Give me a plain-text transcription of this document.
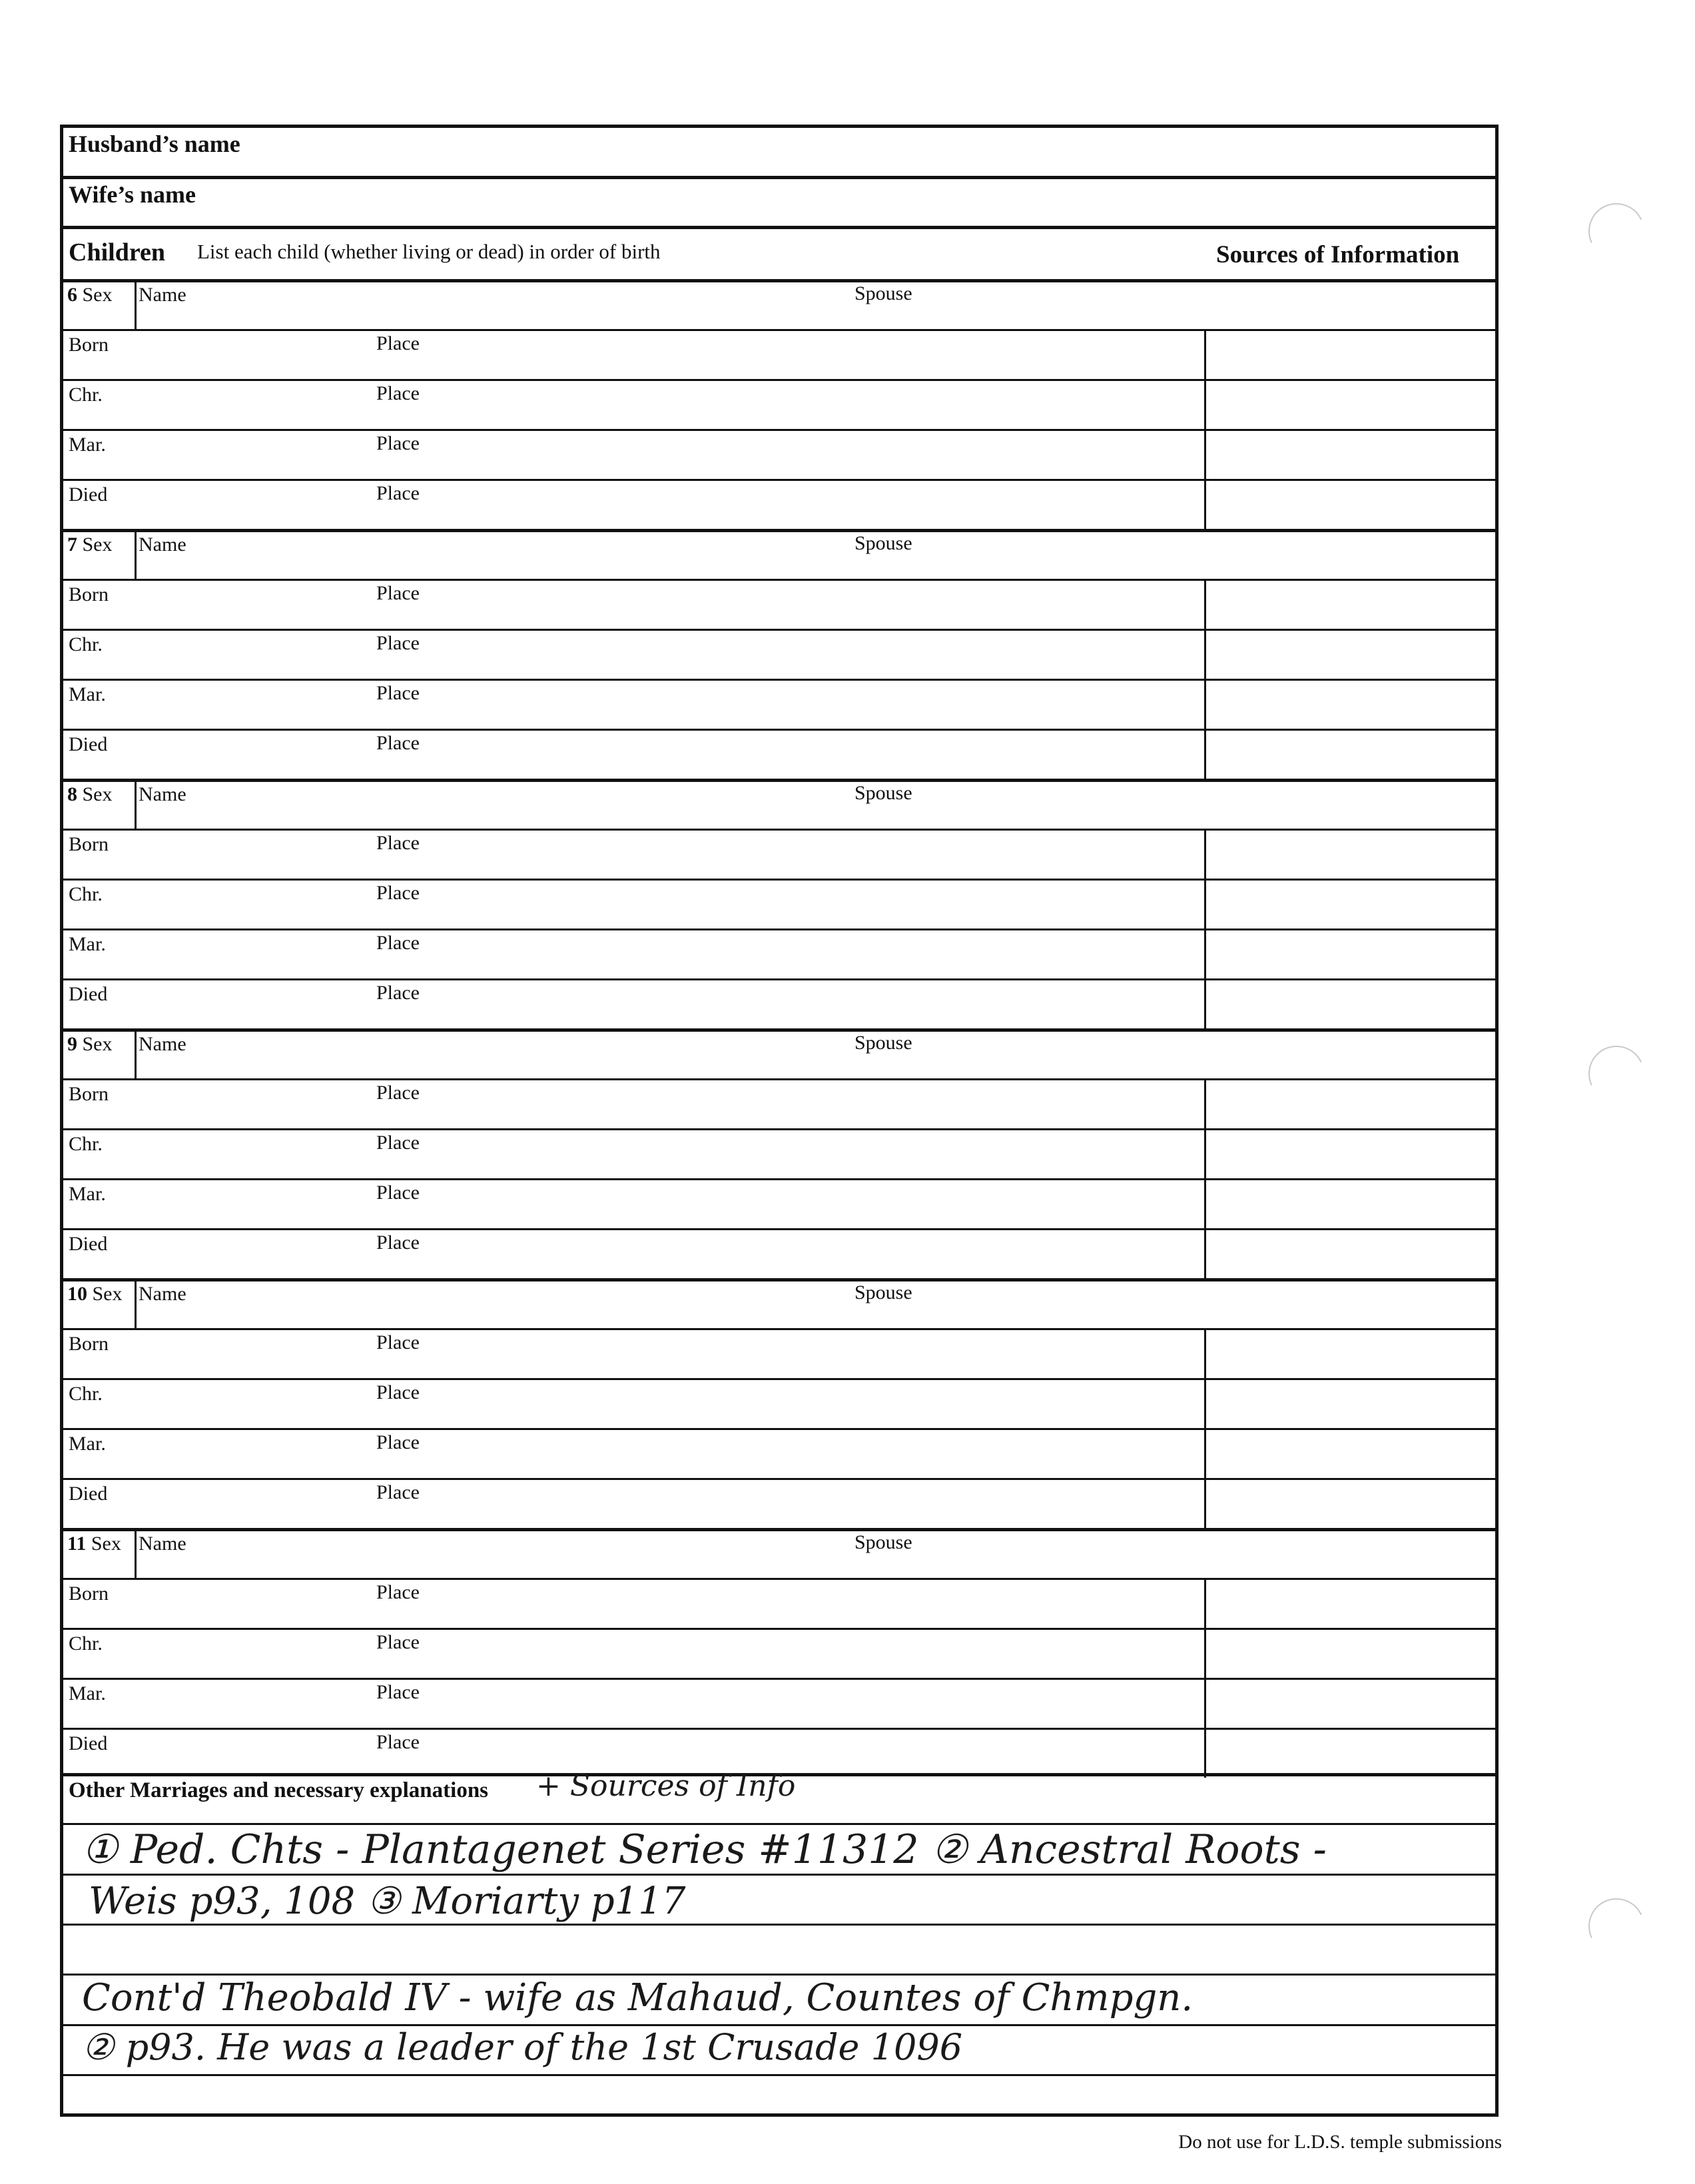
Husband’s name
Wife’s name
Children List each child (whether living or dead) in order of birth	Sources of Information
6 Sex Name	Spouse
Born	Place
Chr.	Place
Mar.	Place
Died	Place
7 Sex Name	Spouse
Born	Place
Chr.	Place
Mar.	Place
Died	Place
8 Sex Name	Spouse
Born	Place
Chr.	Place
Mar.	Place
Died	Place
9 Sex Name	Spouse
Born	Place
Chr.	Place
Mar.	Place
Died	Place
10 Sex Name	Spouse
Born	Place
Chr.	Place
Mar.	Place
Died	Place
11 Sex Name	Spouse
Born	Place
Chr.	Place
Mar.	Place
Died	Place
Other Marriages and necessary explanations + Sources of Info
① Ped. Chts - Plantagenet Series #11312 ② Ancestral Roots -
Weis p93, 108 ③ Moriarty p117
Cont'd Theobald IV - wife as Mahaud, Countes of Chmpgn.
② p93. He was a leader of the 1st Crusade 1096
Do not use for L.D.S. temple submissions
